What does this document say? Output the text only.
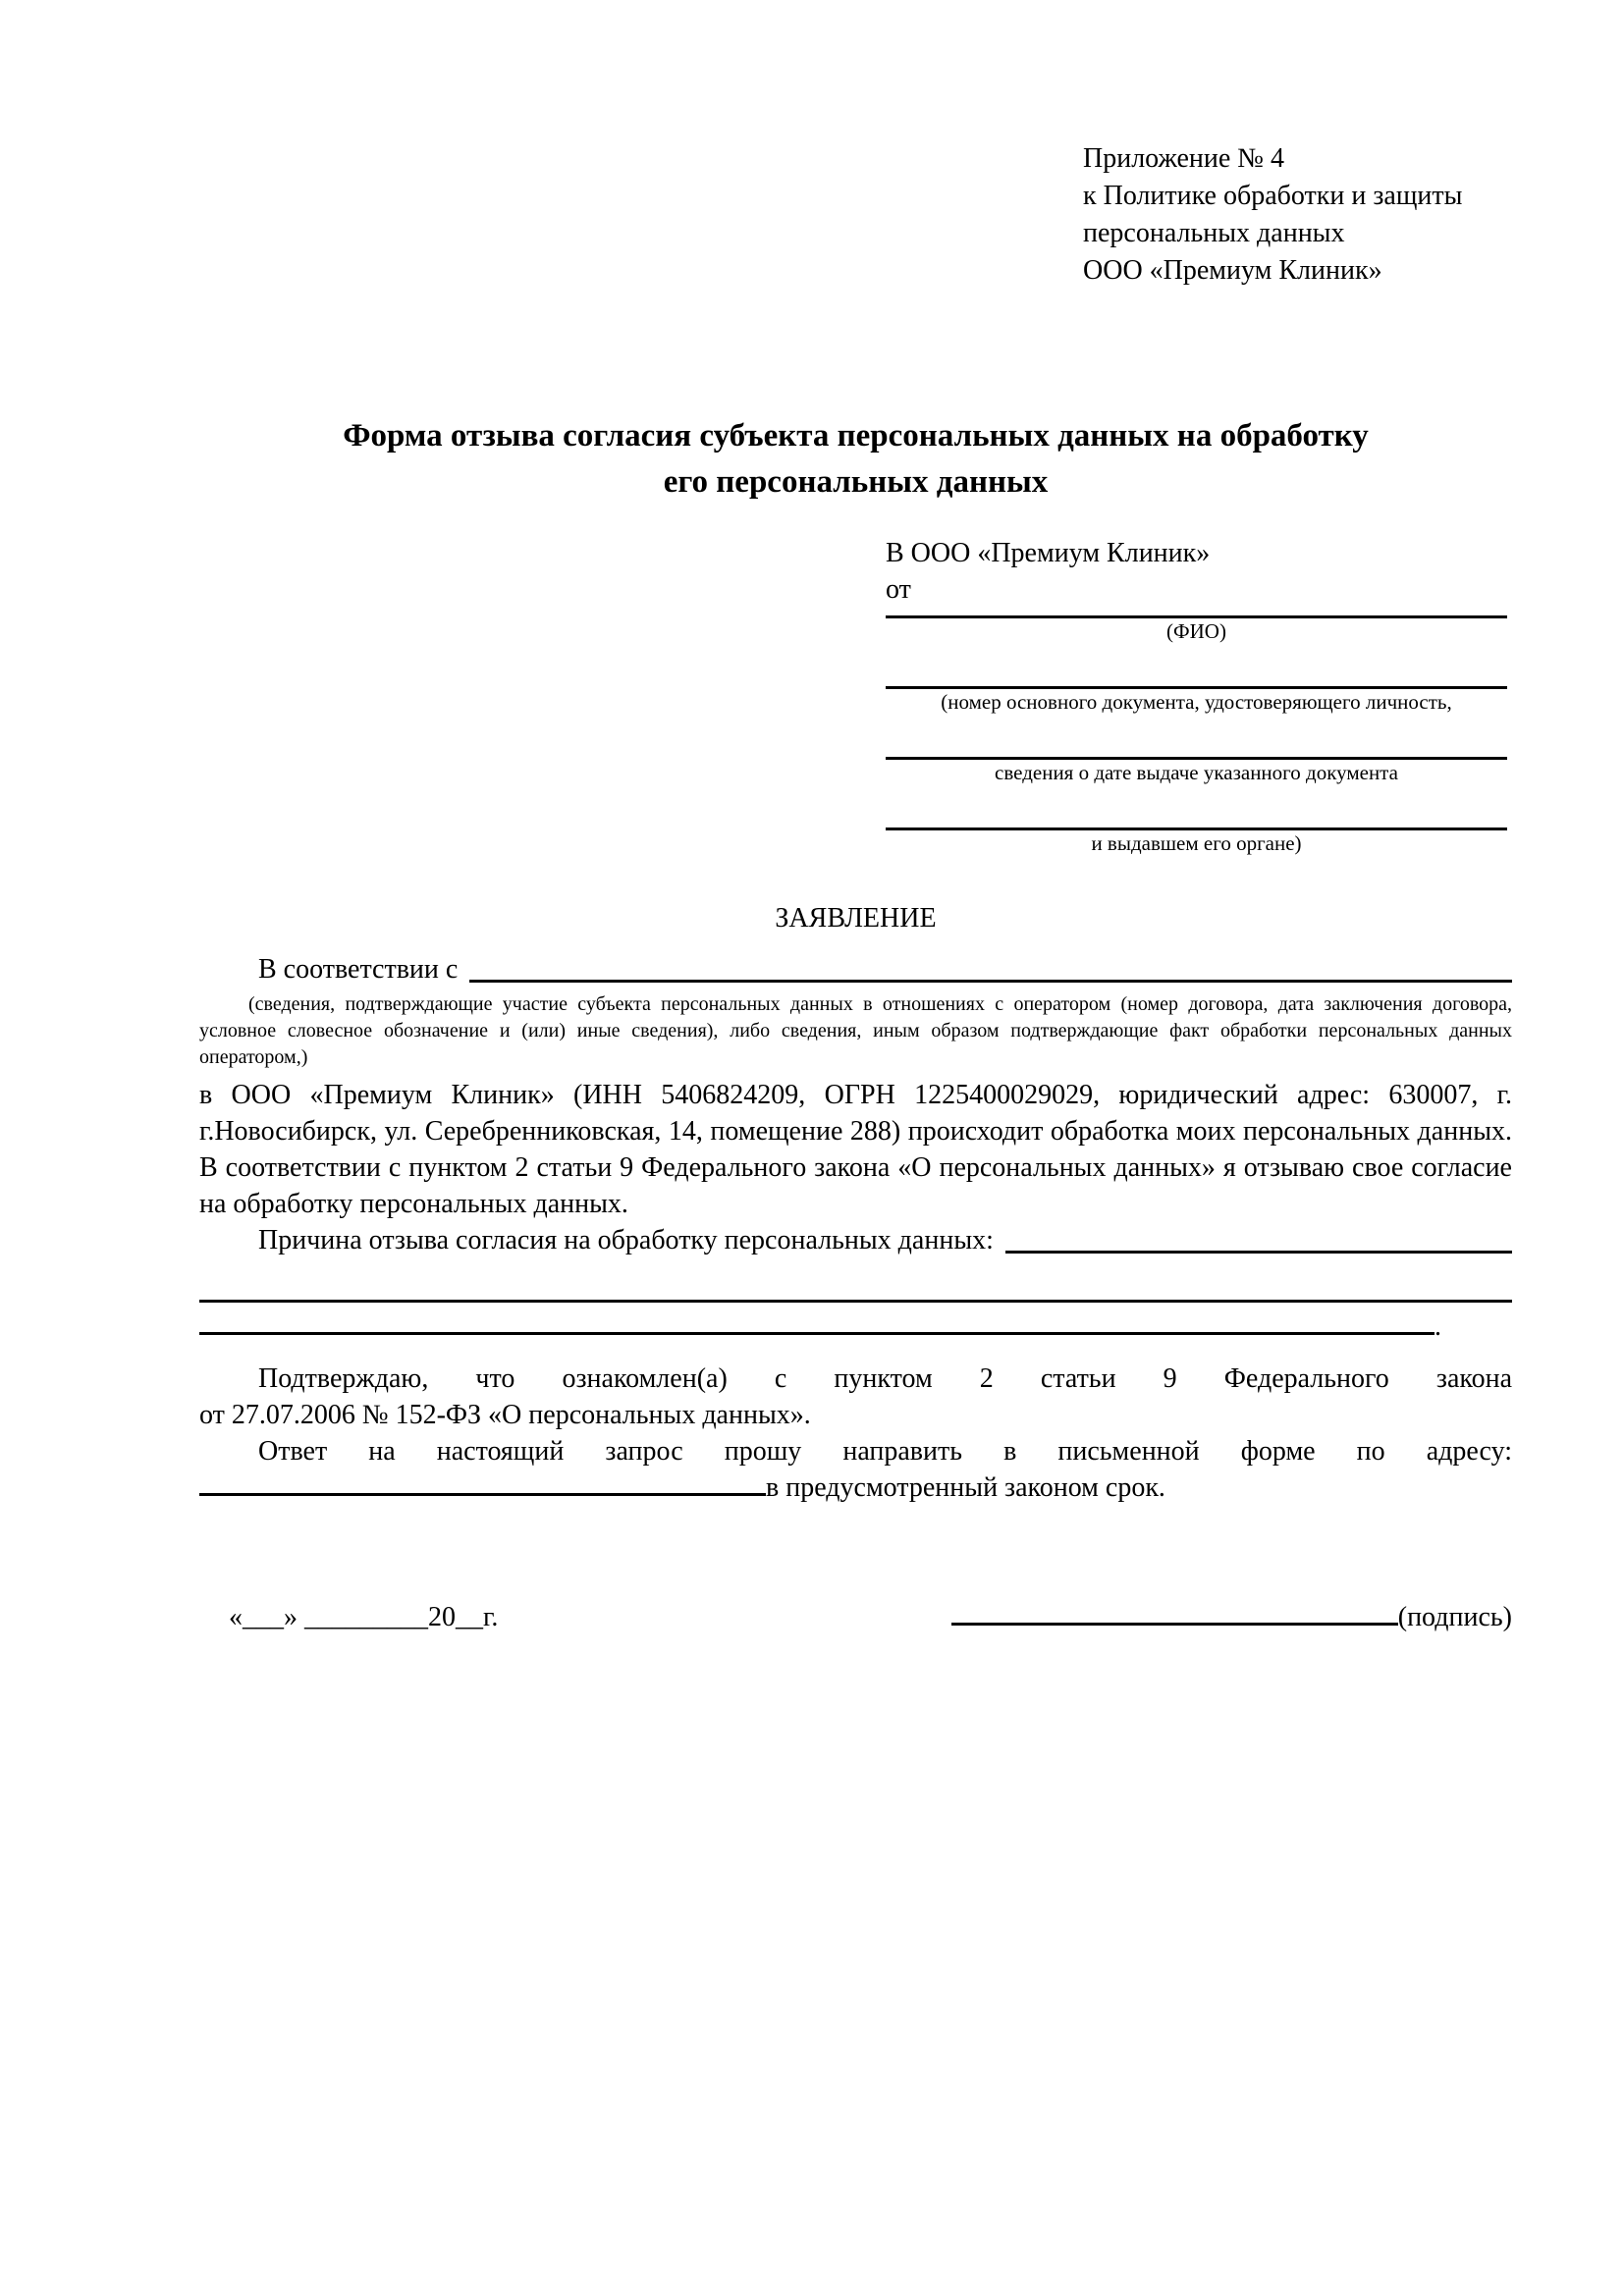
Приложение № 4
к Политике обработки и защиты
персональных данных
ООО «Премиум Клиник»
Форма отзыва согласия субъекта персональных данных на обработку
его персональных данных
В ООО «Премиум Клиник»
от
(ФИО)
(номер основного документа, удостоверяющего личность,
сведения о дате выдаче указанного документа
и выдавшем его органе)
ЗАЯВЛЕНИЕ
В соответствии с
(сведения, подтверждающие участие субъекта персональных данных в отношениях с оператором (номер договора, дата заключения договора, условное словесное обозначение и (или) иные сведения), либо сведения, иным образом подтверждающие факт обработки персональных данных оператором,)
в ООО «Премиум Клиник» (ИНН 5406824209, ОГРН 1225400029029, юридический адрес: 630007, г. г.Новосибирск, ул. Серебренниковская, 14, помещение 288) происходит обработка моих персональных данных. В соответствии с пунктом 2 статьи 9 Федерального закона «О персональных данных» я отзываю свое согласие на обработку персональных данных.
Причина отзыва согласия на обработку персональных данных:
.
Подтверждаю, что ознакомлен(а) с пунктом 2 статьи 9 Федерального закона
от 27.07.2006 № 152-ФЗ «О персональных данных».
Ответ на настоящий запрос прошу направить в письменной форме по адресу:
в предусмотренный законом срок.
«___» _________20__г.	(подпись)
